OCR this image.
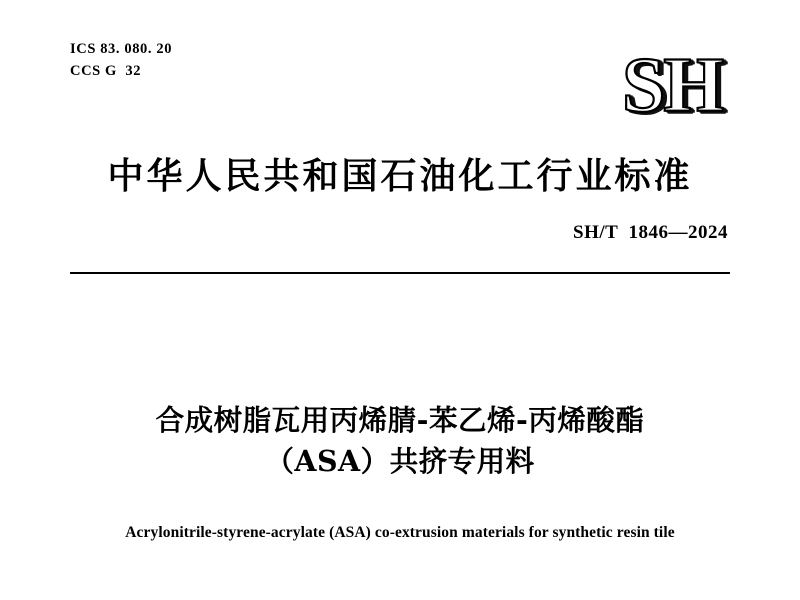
ICS 83. 080. 20
CCS G  32	SH
中华人民共和国石油化工行业标准
SH/T  1846—2024
合成树脂瓦用丙烯腈-苯乙烯-丙烯酸酯
（ASA）共挤专用料
Acrylonitrile-styrene-acrylate (ASA) co-extrusion materials for synthetic resin tile
